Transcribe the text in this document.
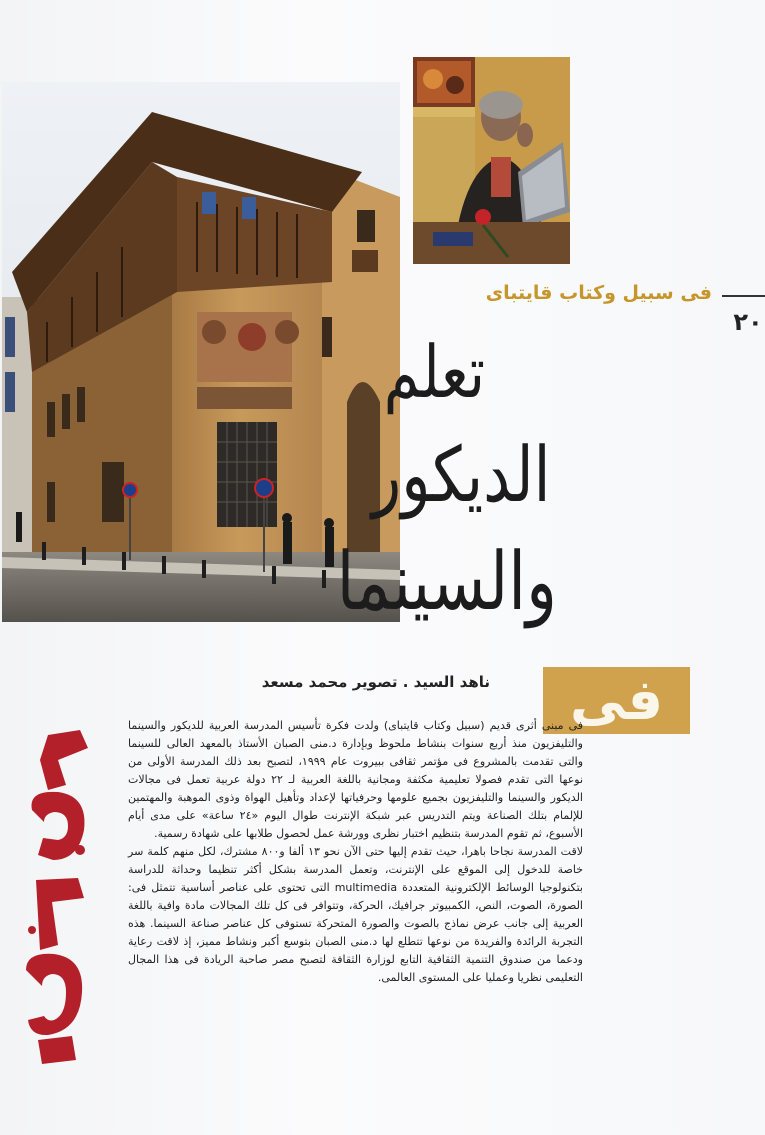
فى سبيل وكتاب قايتباى
٢٠
تعلم
الديكور
والسينما
ناهد السيد . تصوير محمد مسعد	فى

فى مبنى أثرى قديم (سبيل وكتاب قايتباى) ولدت فكرة تأسيس المدرسة العربية للديكور والسينما والتليفزيون منذ أربع سنوات بنشاط ملحوظ وبإدارة د.منى الصبان الأستاذ بالمعهد العالى للسينما والتى تقدمت بالمشروع فى مؤتمر ثقافى ببيروت عام ١٩٩٩، لتصبح بعد ذلك المدرسة الأولى من نوعها التى تقدم فصولا تعليمية مكثفة ومجانية باللغة العربية لـ ٢٢ دولة عربية تعمل فى مجالات الديكور والسينما والتليفزيون بجميع علومها وحرفياتها لإعداد وتأهيل الهواة وذوى الموهبة والمهتمين للإلمام بتلك الصناعة ويتم التدريس عبر شبكة الإنترنت طوال اليوم «٢٤ ساعة» على مدى أيام الأسبوع، ثم تقوم المدرسة بتنظيم اختبار نظرى وورشة عمل لحصول طلابها على شهادة رسمية.

لاقت المدرسة نجاحا باهرا، حيث تقدم إليها حتى الآن نحو ١٣ ألفا و٨٠٠ مشترك، لكل منهم كلمة سر خاصة للدخول إلى الموقع على الإنترنت، وتعمل المدرسة بشكل أكثر تنظيما وحداثة للدراسة بتكنولوجيا الوسائط الإلكترونية المتعددة multimedia التى تحتوى على عناصر أساسية تتمثل فى: الصورة، الصوت، النص، الكمبيوتر جرافيك، الحركة، وتتوافر فى كل تلك المجالات مادة وافية باللغة العربية إلى جانب عرض نماذج بالصوت والصورة المتحركة تستوفى كل عناصر صناعة السينما. هذه التجربة الرائدة والفريدة من نوعها تتطلع لها د.منى الصبان بتوسع أكبر ونشاط مميز، إذ لاقت رعاية ودعما من صندوق التنمية الثقافية التابع لوزارة الثقافة لتصبح مصر صاحبة الريادة فى هذا المجال التعليمى نظريا وعمليا على المستوى العالمى.
